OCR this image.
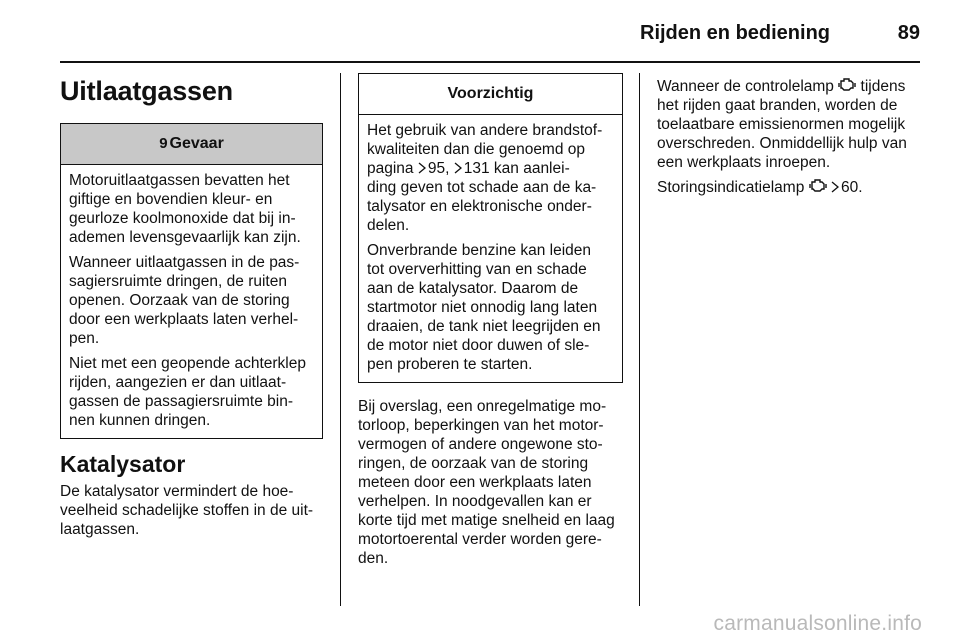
Rijden en bediening	89
Uitlaatgassen
9 Gevaar

Motoruitlaatgassen bevatten het
giftige en bovendien kleur- en
geurloze koolmonoxide dat bij in-
ademen levensgevaarlijk kan zijn.

Wanneer uitlaatgassen in de pas-
sagiersruimte dringen, de ruiten
openen. Oorzaak van de storing
door een werkplaats laten verhel-
pen.

Niet met een geopende achterklep
rijden, aangezien er dan uitlaat-
gassen de passagiersruimte bin-
nen kunnen dringen.

Katalysator

De katalysator vermindert de hoe-
veelheid schadelijke stoffen in de uit-
laatgassen.

Voorzichtig

Het gebruik van andere brandstof-
kwaliteiten dan die genoemd op
pagina 95, 131 kan aanlei-
ding geven tot schade aan de ka-
talysator en elektronische onder-
delen.

Onverbrande benzine kan leiden
tot oververhitting van en schade
aan de katalysator. Daarom de
startmotor niet onnodig lang laten
draaien, de tank niet leegrijden en
de motor niet door duwen of sle-
pen proberen te starten.

Bij overslag, een onregelmatige mo-
torloop, beperkingen van het motor-
vermogen of andere ongewone sto-
ringen, de oorzaak van de storing
meteen door een werkplaats laten
verhelpen. In noodgevallen kan er
korte tijd met matige snelheid en laag
motortoerental verder worden gere-
den.

Wanneer de controlelamp tijdens
het rijden gaat branden, worden de
toelaatbare emissienormen mogelijk
overschreden. Onmiddellijk hulp van
een werkplaats inroepen.

Storingsindicatielamp 60.

carmanualsonline.info
